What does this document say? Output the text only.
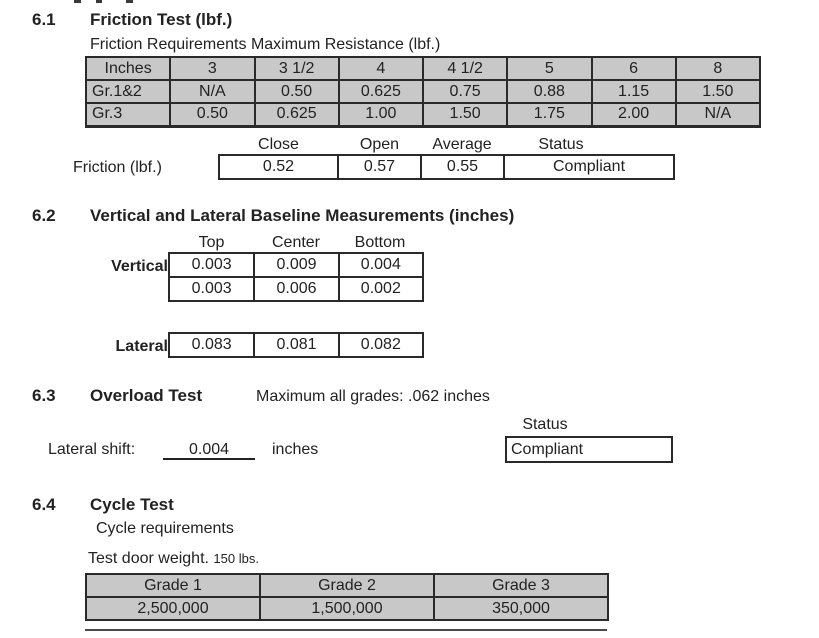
6.1 Friction Test (lbf.)
Friction Requirements Maximum Resistance (lbf.)
Inches	3	3 1/2	4	4 1/2	5	6	8
Gr.1&2	N/A	0.50	0.625	0.75	0.88	1.15	1.50
Gr.3	0.50	0.625	1.00	1.50	1.75	2.00	N/A
Close	Open	Average	Status
Friction (lbf.)	0.52	0.57	0.55	Compliant
6.2 Vertical and Lateral Baseline Measurements (inches)
Top	Center	Bottom
Vertical 0.003	0.009	0.004
0.003	0.006	0.002
Lateral 0.083	0.081	0.082
6.3 Overload Test	Maximum all grades: .062 inches
Status
Compliant
Lateral shift:	0.004	inches
6.4 Cycle Test
Cycle requirements
Test door weight. 150 lbs.
Grade 1	Grade 2	Grade 3
2,500,000	1,500,000	350,000
